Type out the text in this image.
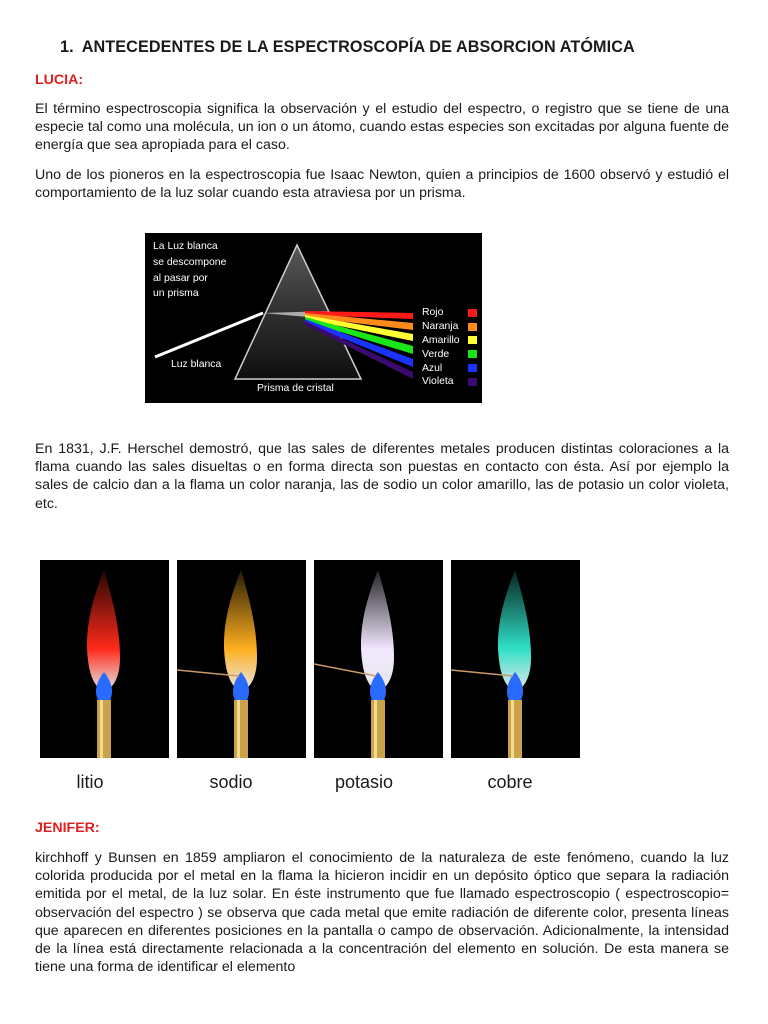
1. ANTECEDENTES DE LA ESPECTROSCOPÍA DE ABSORCION ATÓMICA
LUCIA:
El término espectroscopia significa la observación y el estudio del espectro, o registro que se tiene de una especie tal como una molécula, un ion o un átomo, cuando estas especies son excitadas por alguna fuente de energía que sea apropiada para el caso.
Uno de los pioneros en la espectroscopia fue Isaac Newton, quien a principios de 1600 observó y estudió el comportamiento de la luz solar cuando esta atraviesa por un prisma.
La Luz blanca
se descompone
al pasar por
un prisma
Luz blanca
Prisma de cristal
Rojo
Naranja
Amarillo
Verde
Azul
Violeta
En 1831, J.F. Herschel demostró, que las sales de diferentes metales producen distintas coloraciones a la flama cuando las sales disueltas o en forma directa son puestas en contacto con ésta. Así por ejemplo la sales de calcio dan a la flama un color naranja, las de sodio un color amarillo, las de potasio un color violeta, etc.
litio	sodio	potasio	cobre
JENIFER:
kirchhoff y Bunsen en 1859 ampliaron el conocimiento de la naturaleza de este fenómeno, cuando la luz colorida producida por el metal en la flama la hicieron incidir en un depósito óptico que separa la radiación emitida por el metal, de la luz solar. En éste instrumento que fue llamado espectroscopio ( espectroscopio= observación del espectro ) se observa que cada metal que emite radiación de diferente color, presenta líneas que aparecen en diferentes posiciones en la pantalla o campo de observación. Adicionalmente, la intensidad de la línea está directamente relacionada a la concentración del elemento en solución. De esta manera se tiene una forma de identificar el elemento
